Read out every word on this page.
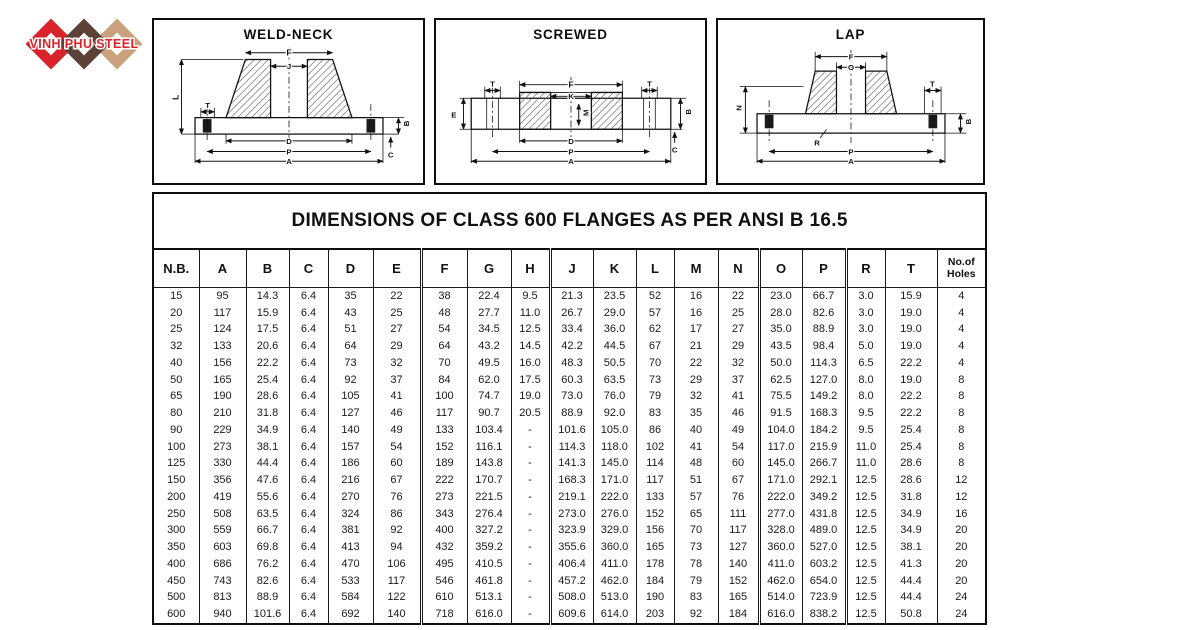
VINH PHU STEEL
WELD-NECK
F
J
L
T
B
C
D
P
A
SCREWED
F
K
T	T
E	M	B
C
D
P
A
LAP
F
O
N
T
B
R
P
A
DIMENSIONS OF CLASS 600 FLANGES AS PER ANSI B 16.5																		
N.B.	A	B	C	D	E	F	G	H	J	K	L	M	N	O	P	R	T	No.of Holes
15	95	14.3	6.4	35	22	38	22.4	9.5	21.3	23.5	52	16	22	23.0	66.7	3.0	15.9	4
20	117	15.9	6.4	43	25	48	27.7	11.0	26.7	29.0	57	16	25	28.0	82.6	3.0	19.0	4
25	124	17.5	6.4	51	27	54	34.5	12.5	33.4	36.0	62	17	27	35.0	88.9	3.0	19.0	4
32	133	20.6	6.4	64	29	64	43.2	14.5	42.2	44.5	67	21	29	43.5	98.4	5.0	19.0	4
40	156	22.2	6.4	73	32	70	49.5	16.0	48.3	50.5	70	22	32	50.0	114.3	6.5	22.2	4
50	165	25.4	6.4	92	37	84	62.0	17.5	60.3	63.5	73	29	37	62.5	127.0	8.0	19.0	8
65	190	28.6	6.4	105	41	100	74.7	19.0	73.0	76.0	79	32	41	75.5	149.2	8.0	22.2	8
80	210	31.8	6.4	127	46	117	90.7	20.5	88.9	92.0	83	35	46	91.5	168.3	9.5	22.2	8
90	229	34.9	6.4	140	49	133	103.4	-	101.6	105.0	86	40	49	104.0	184.2	9.5	25.4	8
100	273	38.1	6.4	157	54	152	116.1	-	114.3	118.0	102	41	54	117.0	215.9	11.0	25.4	8
125	330	44.4	6.4	186	60	189	143.8	-	141.3	145.0	114	48	60	145.0	266.7	11.0	28.6	8
150	356	47.6	6.4	216	67	222	170.7	-	168.3	171.0	117	51	67	171.0	292.1	12.5	28.6	12
200	419	55.6	6.4	270	76	273	221.5	-	219.1	222.0	133	57	76	222.0	349.2	12.5	31.8	12
250	508	63.5	6.4	324	86	343	276.4	-	273.0	276.0	152	65	111	277.0	431.8	12.5	34.9	16
300	559	66.7	6.4	381	92	400	327.2	-	323.9	329.0	156	70	117	328.0	489.0	12.5	34.9	20
350	603	69.8	6.4	413	94	432	359.2	-	355.6	360.0	165	73	127	360.0	527.0	12.5	38.1	20
400	686	76.2	6.4	470	106	495	410.5	-	406.4	411.0	178	78	140	411.0	603.2	12.5	41.3	20
450	743	82.6	6.4	533	117	546	461.8	-	457.2	462.0	184	79	152	462.0	654.0	12.5	44.4	20
500	813	88.9	6.4	584	122	610	513.1	-	508.0	513.0	190	83	165	514.0	723.9	12.5	44.4	24
600	940	101.6	6.4	692	140	718	616.0	-	609.6	614.0	203	92	184	616.0	838.2	12.5	50.8	24
